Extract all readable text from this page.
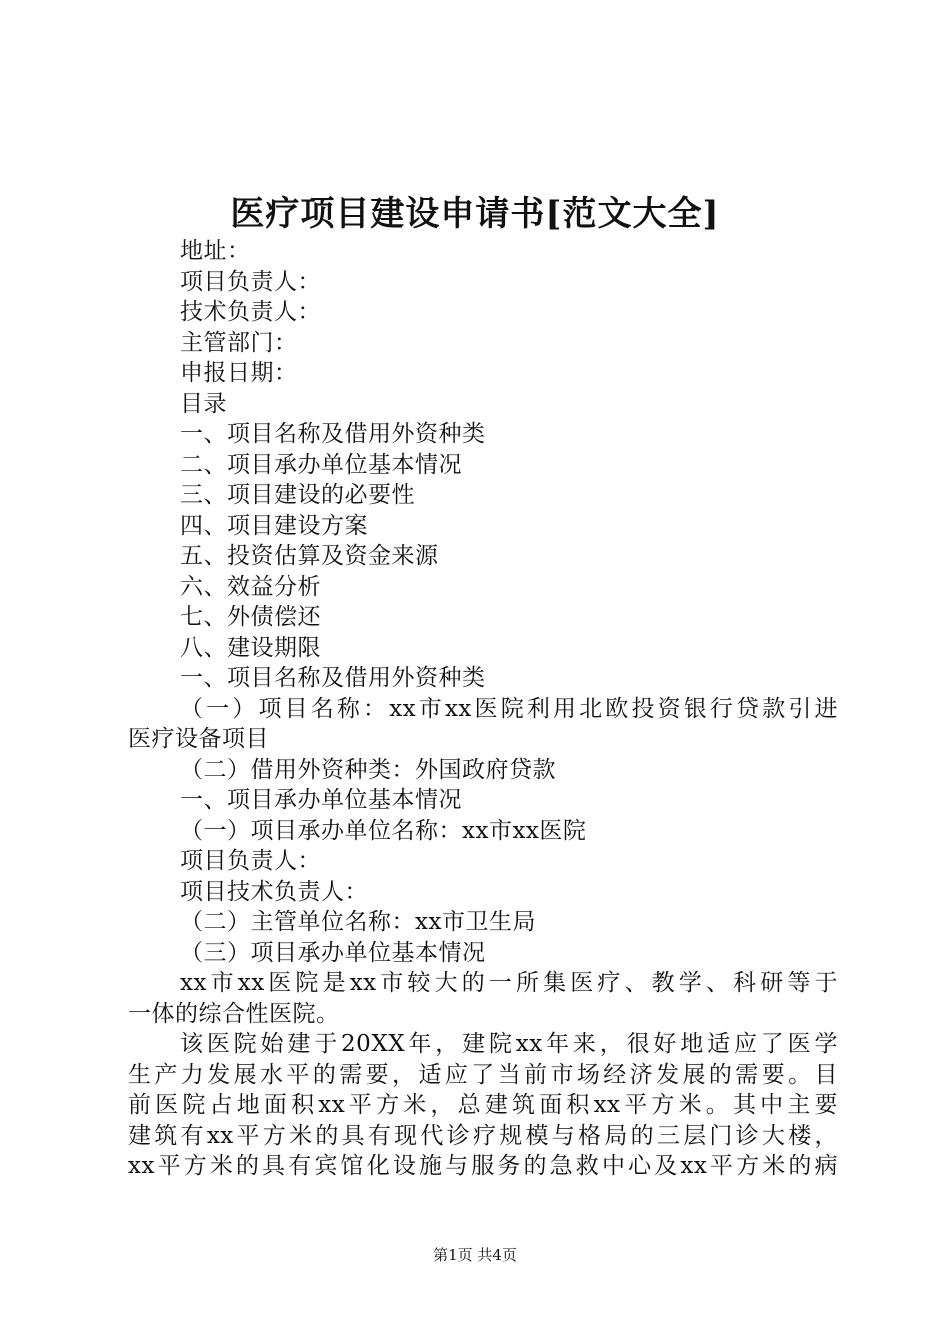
医疗项目建设申请书[范文大全]
地址：
项目负责人：
技术负责人：
主管部门：
申报日期：
目录
一、项目名称及借用外资种类
二、项目承办单位基本情况
三、项目建设的必要性
四、项目建设方案
五、投资估算及资金来源
六、效益分析
七、外债偿还
八、建设期限
一、项目名称及借用外资种类
（一）项目名称：xx市xx医院利用北欧投资银行贷款引进
医疗设备项目
（二）借用外资种类：外国政府贷款
一、项目承办单位基本情况
（一）项目承办单位名称：xx市xx医院
项目负责人：
项目技术负责人：
（二）主管单位名称：xx市卫生局
（三）项目承办单位基本情况
xx市xx医院是xx市较大的一所集医疗、教学、科研等于
一体的综合性医院。
该医院始建于20XX年，建院xx年来，很好地适应了医学
生产力发展水平的需要，适应了当前市场经济发展的需要。目
前医院占地面积xx平方米，总建筑面积xx平方米。其中主要
建筑有xx平方米的具有现代诊疗规模与格局的三层门诊大楼，
xx平方米的具有宾馆化设施与服务的急救中心及xx平方米的病
第1页 共4页
